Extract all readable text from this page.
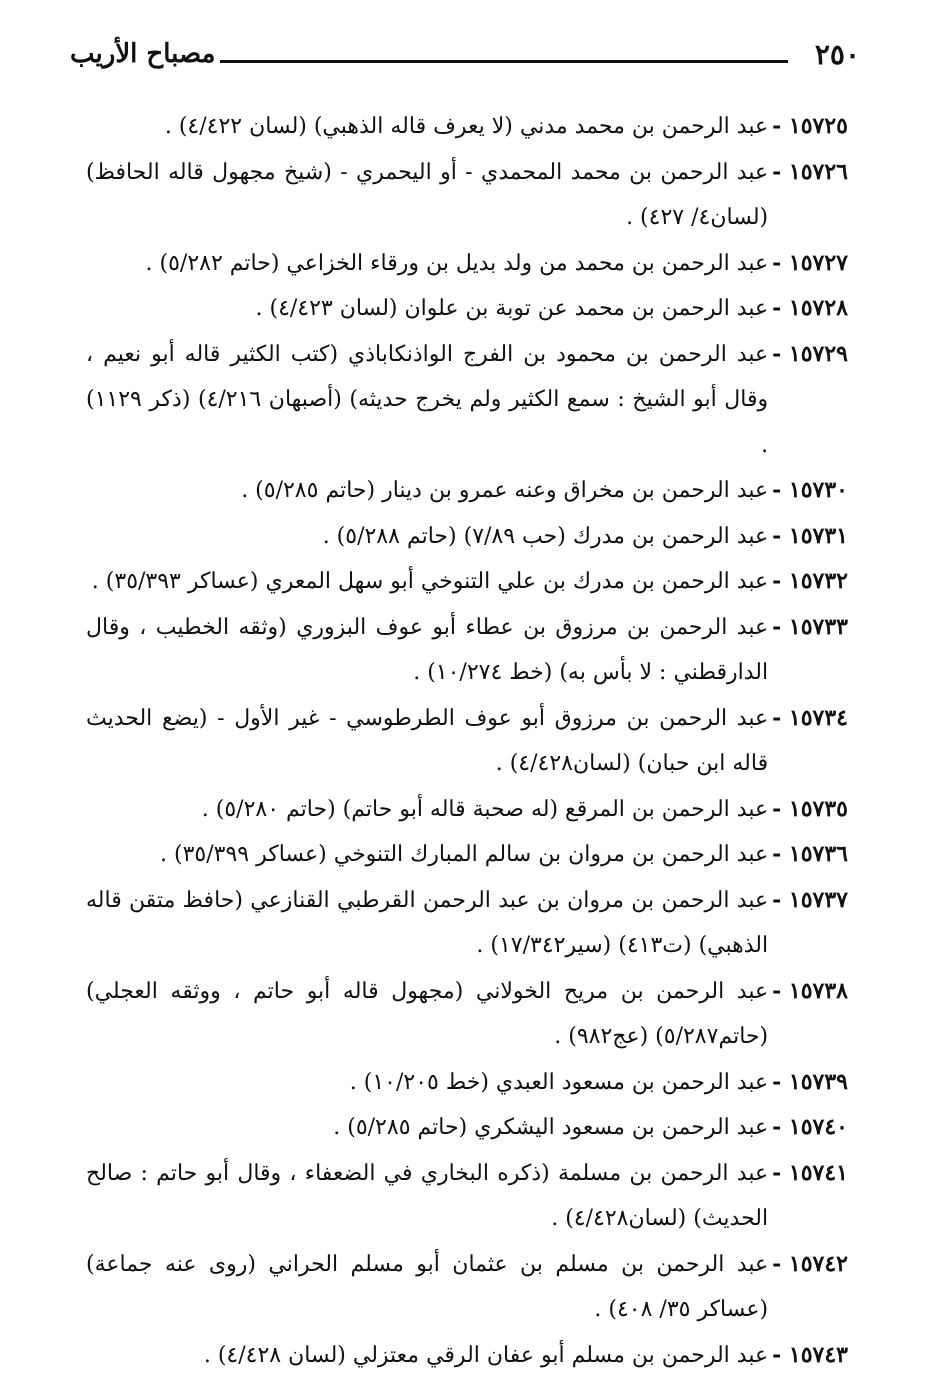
٢٥٠
مصباح الأريب

١٥٧٢٥ -
عبد الرحمن بن محمد مدني (لا يعرف قاله الذهبي) (لسان ٤/٤٢٢) .

١٥٧٢٦ -
عبد الرحمن بن محمد المحمدي - أو اليحمري - (شيخ مجهول قاله الحافظ) (لسان٤/ ٤٢٧) .

١٥٧٢٧ -
عبد الرحمن بن محمد من ولد بديل بن ورقاء الخزاعي (حاتم ٥/٢٨٢) .

١٥٧٢٨ -
عبد الرحمن بن محمد عن توبة بن علوان (لسان ٤/٤٢٣) .

١٥٧٢٩ -
عبد الرحمن بن محمود بن الفرج الواذنكاباذي (كتب الكثير قاله أبو نعيم ، وقال أبو الشيخ : سمع الكثير ولم يخرج حديثه) (أصبهان ٤/٢١٦) (ذكر ١١٢٩) .

١٥٧٣٠ -
عبد الرحمن بن مخراق وعنه عمرو بن دينار (حاتم ٥/٢٨٥) .

١٥٧٣١ -
عبد الرحمن بن مدرك (حب ٧/٨٩) (حاتم ٥/٢٨٨) .

١٥٧٣٢ -
عبد الرحمن بن مدرك بن علي التنوخي أبو سهل المعري (عساكر ٣٥/٣٩٣) .

١٥٧٣٣ -
عبد الرحمن بن مرزوق بن عطاء أبو عوف البزوري (وثقه الخطيب ، وقال الدارقطني : لا بأس به) (خط ١٠/٢٧٤) .

١٥٧٣٤ -
عبد الرحمن بن مرزوق أبو عوف الطرطوسي - غير الأول - (يضع الحديث قاله ابن حبان) (لسان٤/٤٢٨) .

١٥٧٣٥ -
عبد الرحمن بن المرقع (له صحبة قاله أبو حاتم) (حاتم ٥/٢٨٠) .

١٥٧٣٦ -
عبد الرحمن بن مروان بن سالم المبارك التنوخي (عساكر ٣٥/٣٩٩) .

١٥٧٣٧ -
عبد الرحمن بن مروان بن عبد الرحمن القرطبي القنازعي (حافظ متقن قاله الذهبي) (ت٤١٣) (سير١٧/٣٤٢) .

١٥٧٣٨ -
عبد الرحمن بن مريح الخولاني (مجهول قاله أبو حاتم ، ووثقه العجلي) (حاتم٥/٢٨٧) (عج٩٨٢) .

١٥٧٣٩ -
عبد الرحمن بن مسعود العبدي (خط ١٠/٢٠٥) .

١٥٧٤٠ -
عبد الرحمن بن مسعود اليشكري (حاتم ٥/٢٨٥) .

١٥٧٤١ -
عبد الرحمن بن مسلمة (ذكره البخاري في الضعفاء ، وقال أبو حاتم : صالح الحديث) (لسان٤/٤٢٨) .

١٥٧٤٢ -
عبد الرحمن بن مسلم بن عثمان أبو مسلم الحراني (روى عنه جماعة) (عساكر ٣٥/ ٤٠٨) .

١٥٧٤٣ -
عبد الرحمن بن مسلم أبو عفان الرقي معتزلي (لسان ٤/٤٢٨) .
